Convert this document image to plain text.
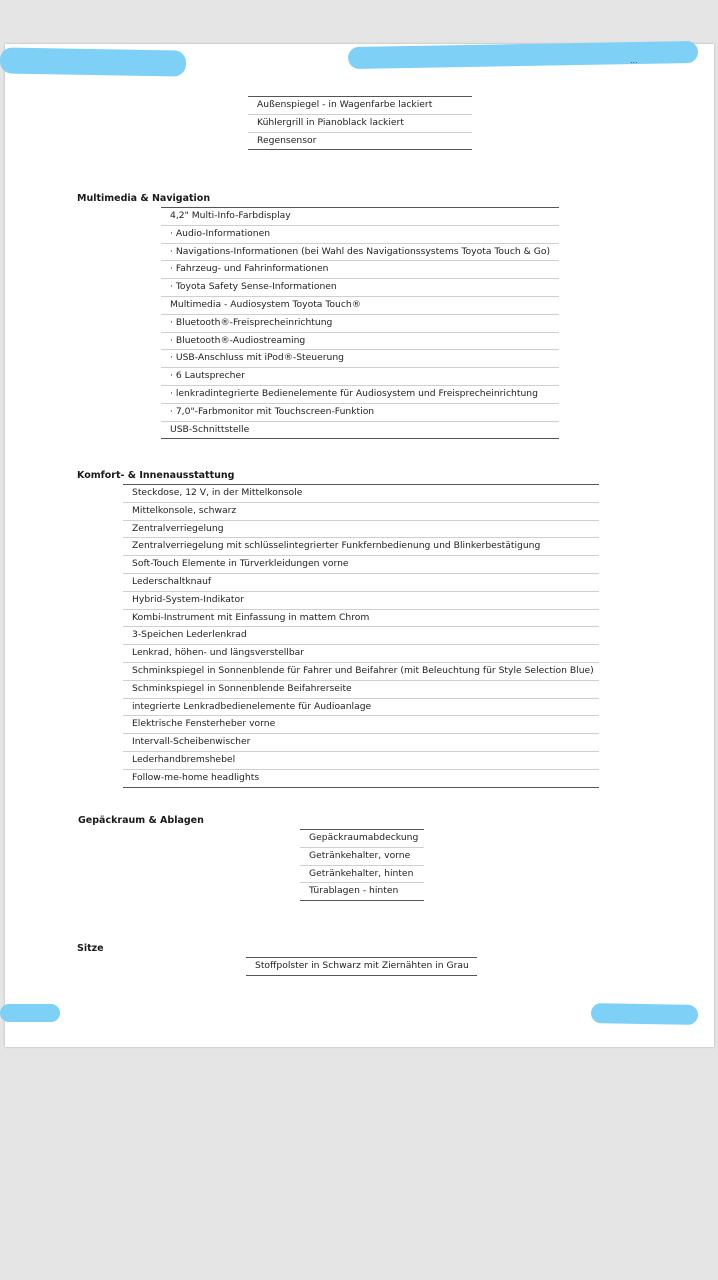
...
Außenspiegel - in Wagenfarbe lackiert
Kühlergrill in Pianoblack lackiert
Regensensor
Multimedia & Navigation
4,2" Multi-Info-Farbdisplay
· Audio-Informationen
· Navigations-Informationen (bei Wahl des Navigationssystems Toyota Touch & Go)
· Fahrzeug- und Fahrinformationen
· Toyota Safety Sense-Informationen
Multimedia - Audiosystem Toyota Touch®
· Bluetooth®-Freisprecheinrichtung
· Bluetooth®-Audiostreaming
· USB-Anschluss mit iPod®-Steuerung
· 6 Lautsprecher
· lenkradintegrierte Bedienelemente für Audiosystem und Freisprecheinrichtung
· 7,0"-Farbmonitor mit Touchscreen-Funktion
USB-Schnittstelle
Komfort- & Innenausstattung
Steckdose, 12 V, in der Mittelkonsole
Mittelkonsole, schwarz
Zentralverriegelung
Zentralverriegelung mit schlüsselintegrierter Funkfernbedienung und Blinkerbestätigung
Soft-Touch Elemente in Türverkleidungen vorne
Lederschaltknauf
Hybrid-System-Indikator
Kombi-Instrument mit Einfassung in mattem Chrom
3-Speichen Lederlenkrad
Lenkrad, höhen- und längsverstellbar
Schminkspiegel in Sonnenblende für Fahrer und Beifahrer (mit Beleuchtung für Style Selection Blue)
Schminkspiegel in Sonnenblende Beifahrerseite
integrierte Lenkradbedienelemente für Audioanlage
Elektrische Fensterheber vorne
Intervall-Scheibenwischer
Lederhandbremshebel
Follow-me-home headlights
Gepäckraum & Ablagen
Gepäckraumabdeckung
Getränkehalter, vorne
Getränkehalter, hinten
Türablagen - hinten
Sitze
Stoffpolster in Schwarz mit Ziernähten in Grau
